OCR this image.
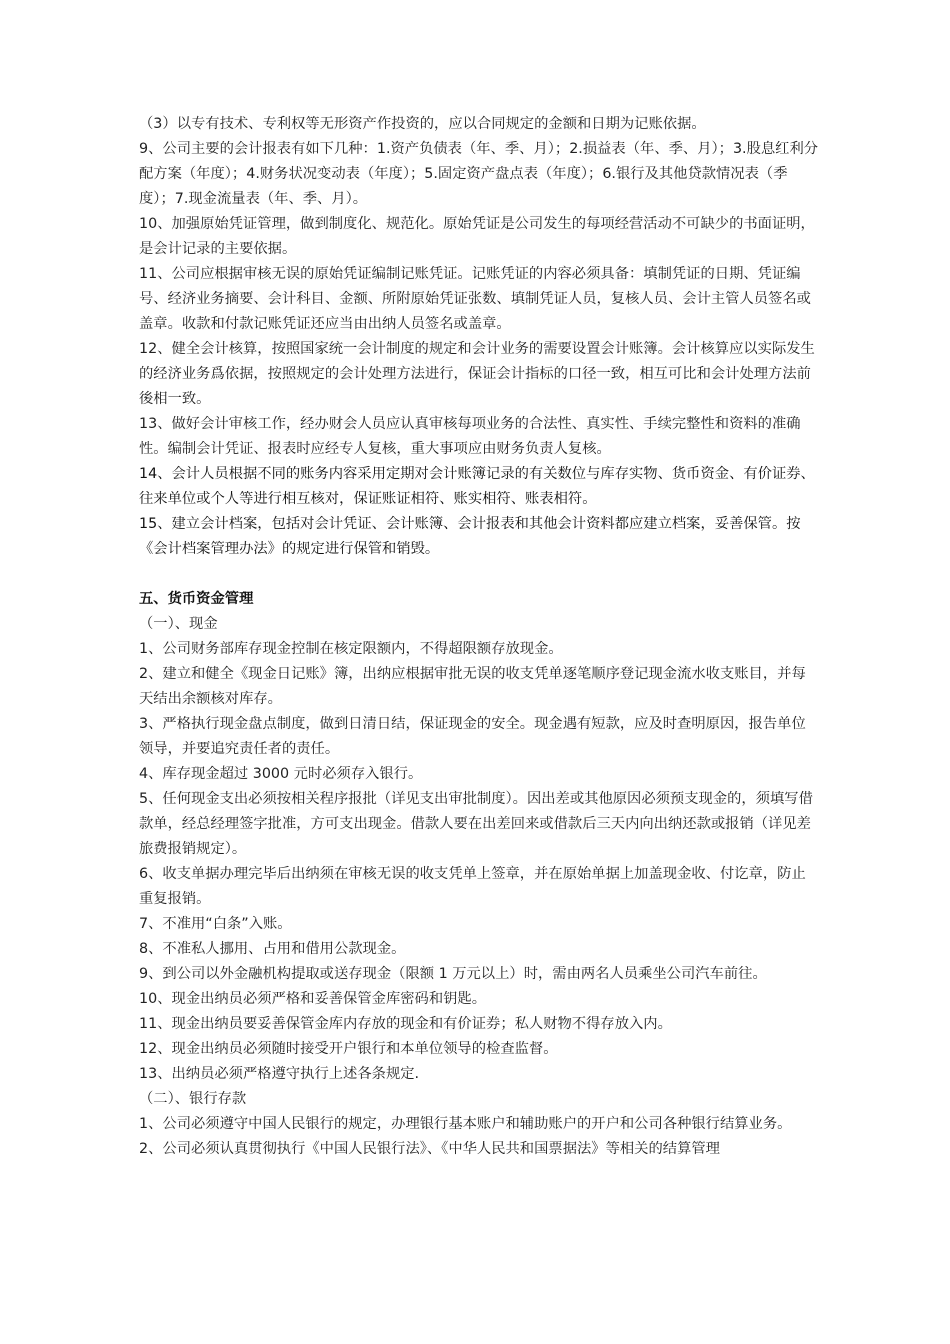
（3）以专有技术、专利权等无形资产作投资的，应以合同规定的金额和日期为记账依据。

9、公司主要的会计报表有如下几种：1.资产负债表（年、季、月）；2.损益表（年、季、月）；3.股息红利分配方案（年度）；4.财务状况变动表（年度）；5.固定资产盘点表（年度）；6.银行及其他贷款情况表（季度）；7.现金流量表（年、季、月）。

10、加强原始凭证管理，做到制度化、规范化。原始凭证是公司发生的每项经营活动不可缺少的书面证明，是会计记录的主要依据。

11、公司应根据审核无误的原始凭证编制记账凭证。记账凭证的内容必须具备：填制凭证的日期、凭证编号、经济业务摘要、会计科目、金额、所附原始凭证张数、填制凭证人员，复核人员、会计主管人员签名或盖章。收款和付款记账凭证还应当由出纳人员签名或盖章。

12、健全会计核算，按照国家统一会计制度的规定和会计业务的需要设置会计账簿。会计核算应以实际发生的经济业务爲依据，按照规定的会计处理方法进行，保证会计指标的口径一致，相互可比和会计处理方法前後相一致。

13、做好会计审核工作，经办财会人员应认真审核每项业务的合法性、真实性、手续完整性和资料的准确性。编制会计凭证、报表时应经专人复核，重大事项应由财务负责人复核。

14、会计人员根据不同的账务内容采用定期对会计账簿记录的有关数位与库存实物、货币资金、有价证券、往来单位或个人等进行相互核对，保证账证相符、账实相符、账表相符。

15、建立会计档案，包括对会计凭证、会计账簿、会计报表和其他会计资料都应建立档案，妥善保管。按《会计档案管理办法》的规定进行保管和销毁。

五、货币资金管理

（一）、现金

1、公司财务部库存现金控制在核定限额内，不得超限额存放现金。

2、建立和健全《现金日记账》簿，出纳应根据审批无误的收支凭单逐笔顺序登记现金流水收支账目，并每天结出余额核对库存。

3、严格执行现金盘点制度，做到日清日结，保证现金的安全。现金遇有短款，应及时查明原因，报告单位领导，并要追究责任者的责任。

4、库存现金超过 3000 元时必须存入银行。

5、任何现金支出必须按相关程序报批（详见支出审批制度）。因出差或其他原因必须预支现金的，须填写借款单，经总经理签字批准，方可支出现金。借款人要在出差回来或借款后三天内向出纳还款或报销（详见差旅费报销规定）。

6、收支单据办理完毕后出纳须在审核无误的收支凭单上签章，并在原始单据上加盖现金收、付讫章，防止重复报销。

7、不准用“白条”入账。

8、不准私人挪用、占用和借用公款现金。

9、到公司以外金融机构提取或送存现金（限额 1 万元以上）时，需由两名人员乘坐公司汽车前往。

10、现金出纳员必须严格和妥善保管金库密码和钥匙。

11、现金出纳员要妥善保管金库内存放的现金和有价证券；私人财物不得存放入内。

12、现金出纳员必须随时接受开户银行和本单位领导的检查监督。

13、出纳员必须严格遵守执行上述各条规定.

（二）、银行存款

1、公司必须遵守中国人民银行的规定，办理银行基本账户和辅助账户的开户和公司各种银行结算业务。

2、公司必须认真贯彻执行《中国人民银行法》、《中华人民共和国票据法》等相关的结算管理
